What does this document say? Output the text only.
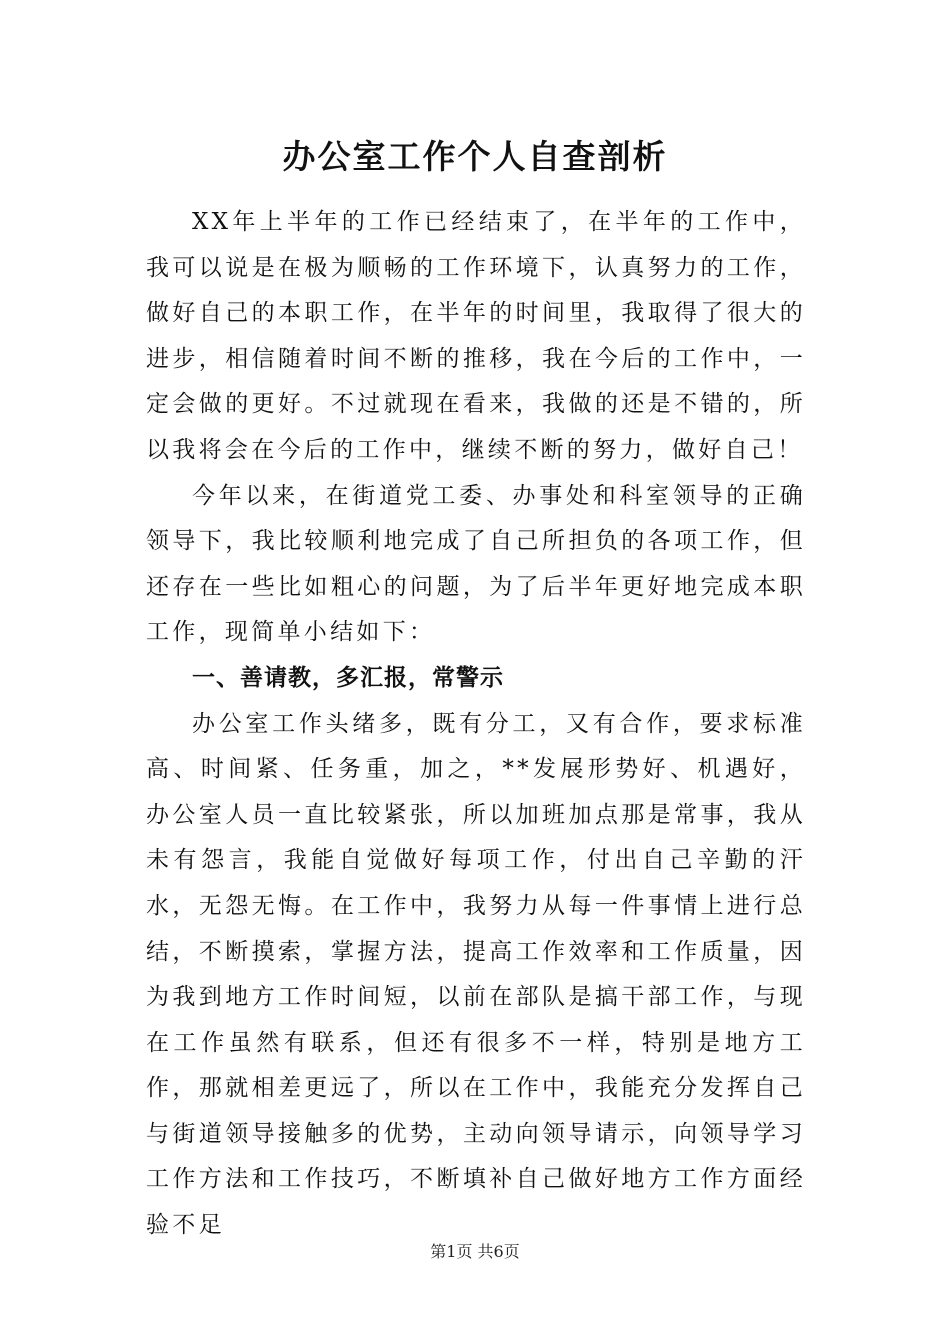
办公室工作个人自查剖析

XX年上半年的工作已经结束了，在半年的工作中，我可以说是在极为顺畅的工作环境下，认真努力的工作，做好自己的本职工作，在半年的时间里，我取得了很大的进步，相信随着时间不断的推移，我在今后的工作中，一定会做的更好。不过就现在看来，我做的还是不错的，所以我将会在今后的工作中，继续不断的努力，做好自己！

今年以来，在街道党工委、办事处和科室领导的正确领导下，我比较顺利地完成了自己所担负的各项工作，但还存在一些比如粗心的问题，为了后半年更好地完成本职工作，现简单小结如下：

一、善请教，多汇报，常警示

办公室工作头绪多，既有分工，又有合作，要求标准高、时间紧、任务重，加之，**发展形势好、机遇好，办公室人员一直比较紧张，所以加班加点那是常事，我从未有怨言，我能自觉做好每项工作，付出自己辛勤的汗水，无怨无悔。在工作中，我努力从每一件事情上进行总结，不断摸索，掌握方法，提高工作效率和工作质量，因为我到地方工作时间短，以前在部队是搞干部工作，与现在工作虽然有联系，但还有很多不一样，特别是地方工作，那就相差更远了，所以在工作中，我能充分发挥自己与街道领导接触多的优势，主动向领导请示，向领导学习工作方法和工作技巧，不断填补自己做好地方工作方面经验不足

第1页 共6页
